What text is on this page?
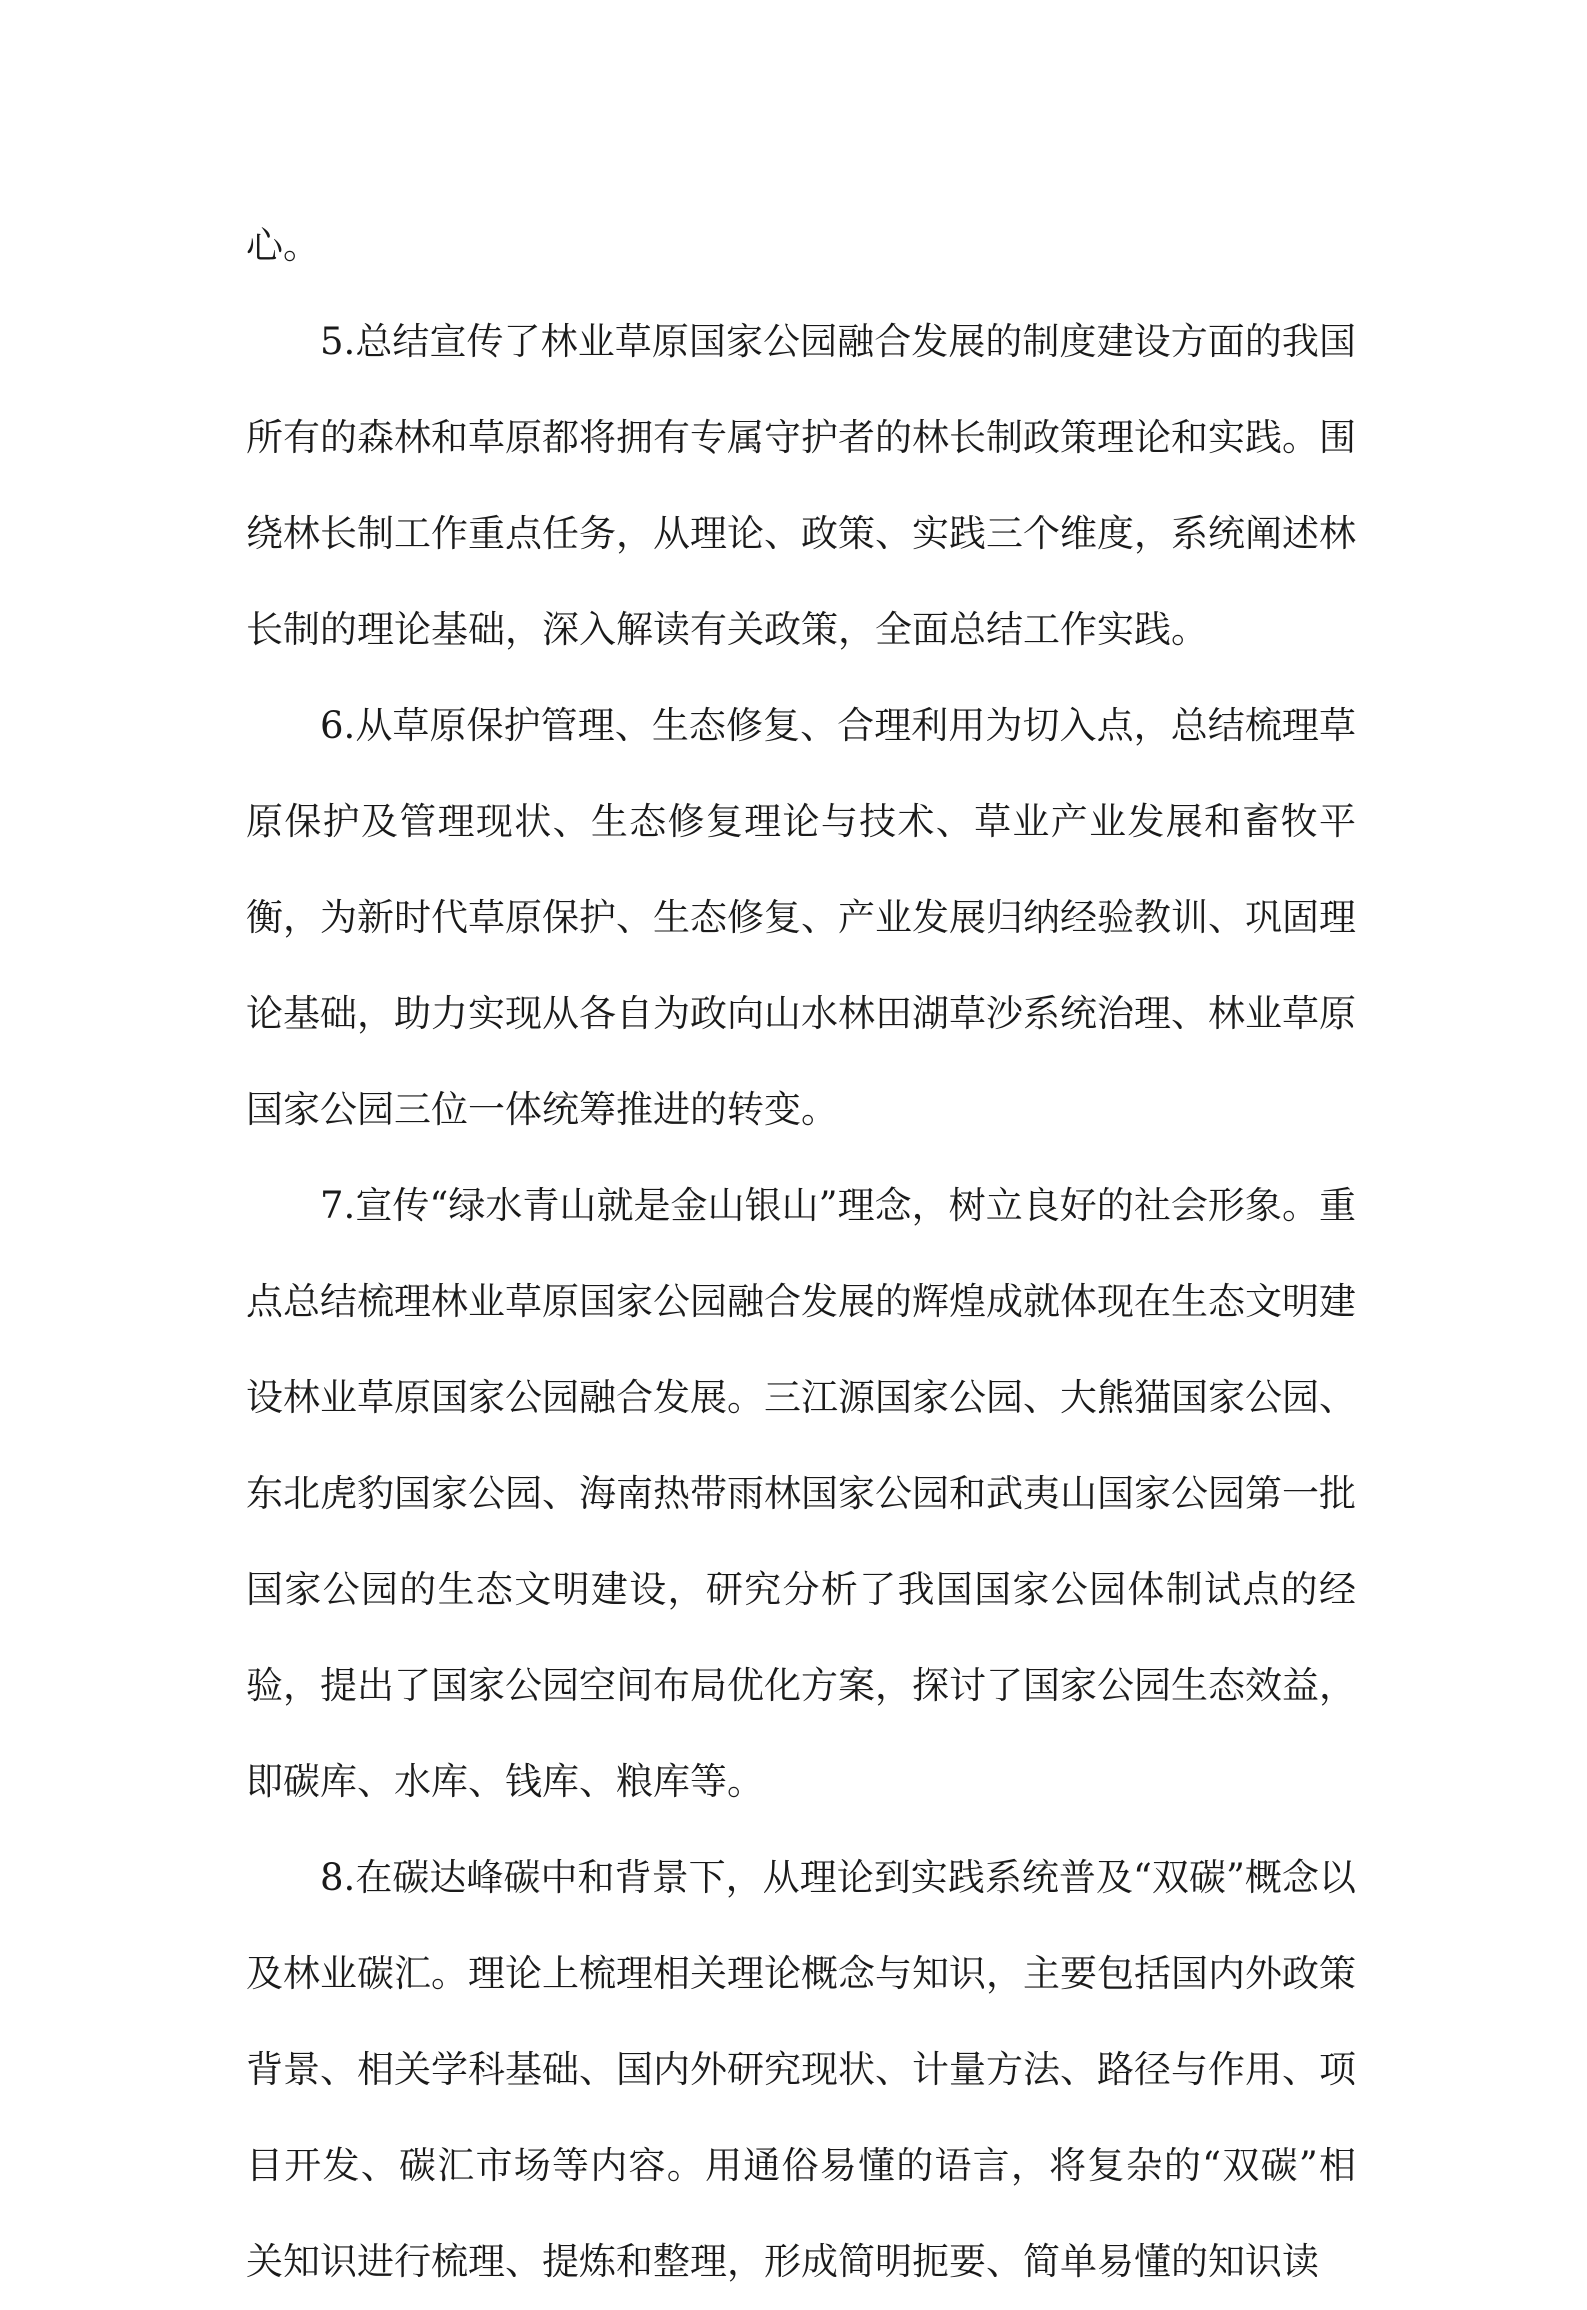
心。

5.总结宣传了林业草原国家公园融合发展的制度建设方面的我国所有的森林和草原都将拥有专属守护者的林长制政策理论和实践。围绕林长制工作重点任务，从理论、政策、实践三个维度，系统阐述林长制的理论基础，深入解读有关政策，全面总结工作实践。

6.从草原保护管理、生态修复、合理利用为切入点，总结梳理草原保护及管理现状、生态修复理论与技术、草业产业发展和畜牧平衡，为新时代草原保护、生态修复、产业发展归纳经验教训、巩固理论基础，助力实现从各自为政向山水林田湖草沙系统治理、林业草原国家公园三位一体统筹推进的转变。

7.宣传“绿水青山就是金山银山”理念，树立良好的社会形象。重点总结梳理林业草原国家公园融合发展的辉煌成就体现在生态文明建设林业草原国家公园融合发展。三江源国家公园、大熊猫国家公园、东北虎豹国家公园、海南热带雨林国家公园和武夷山国家公园第一批国家公园的生态文明建设，研究分析了我国国家公园体制试点的经验，提出了国家公园空间布局优化方案，探讨了国家公园生态效益，即碳库、水库、钱库、粮库等。

8.在碳达峰碳中和背景下，从理论到实践系统普及“双碳”概念以及林业碳汇。理论上梳理相关理论概念与知识，主要包括国内外政策背景、相关学科基础、国内外研究现状、计量方法、路径与作用、项目开发、碳汇市场等内容。用通俗易懂的语言，将复杂的“双碳”相关知识进行梳理、提炼和整理，形成简明扼要、简单易懂的知识读
